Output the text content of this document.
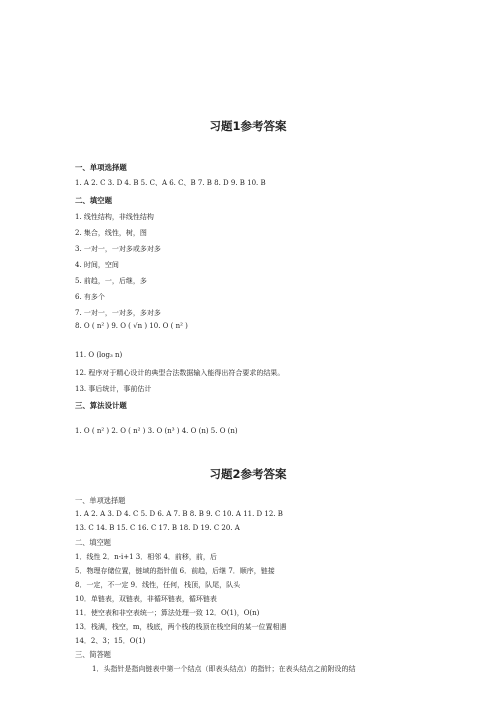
习题1参考答案
一、单项选择题
1. A 2. C 3. D 4. B 5. C、A 6. C、B 7. B 8. D 9. B 10. B
二、填空题
1. 线性结构，非线性结构
2. 集合，线性，树，图
3. 一对一，一对多或多对多
4. 时间，空间
5. 前趋，一，后继，多
6. 有多个
7. 一对一，一对多，多对多
8. O ( n² ) 9. O ( √n ) 10. O ( n² )
11. O (log₃ n)
12. 程序对于精心设计的典型合法数据输入能得出符合要求的结果。
13. 事后统计，事前估计
三、算法设计题
1. O ( n² ) 2. O ( n² ) 3. O (n³ ) 4. O (n) 5. O (n)
习题2参考答案
一、单项选择题
1. A 2. A 3. D 4. C 5. D 6. A 7. B 8. B 9. C 10. A 11. D 12. B
13. C 14. B 15. C 16. C 17. B 18. D 19. C 20. A
二、填空题
1．线性 2．n-i+1 3．相邻 4．前移，前，后
5．物理存储位置，链域的指针值 6．前趋，后继 7．顺序，链接
8．一定，不一定 9．线性，任何，栈顶，队尾，队头
10．单链表，双链表，非循环链表，循环链表
11．使空表和非空表统一；算法处理一致 12．O(1)，O(n)
13．栈满，栈空，m，栈底，两个栈的栈顶在栈空间的某一位置相遇
14．2、3；15．O(1)
三、简答题
1．头指针是指向链表中第一个结点（即表头结点）的指针；在表头结点之前附设的结
